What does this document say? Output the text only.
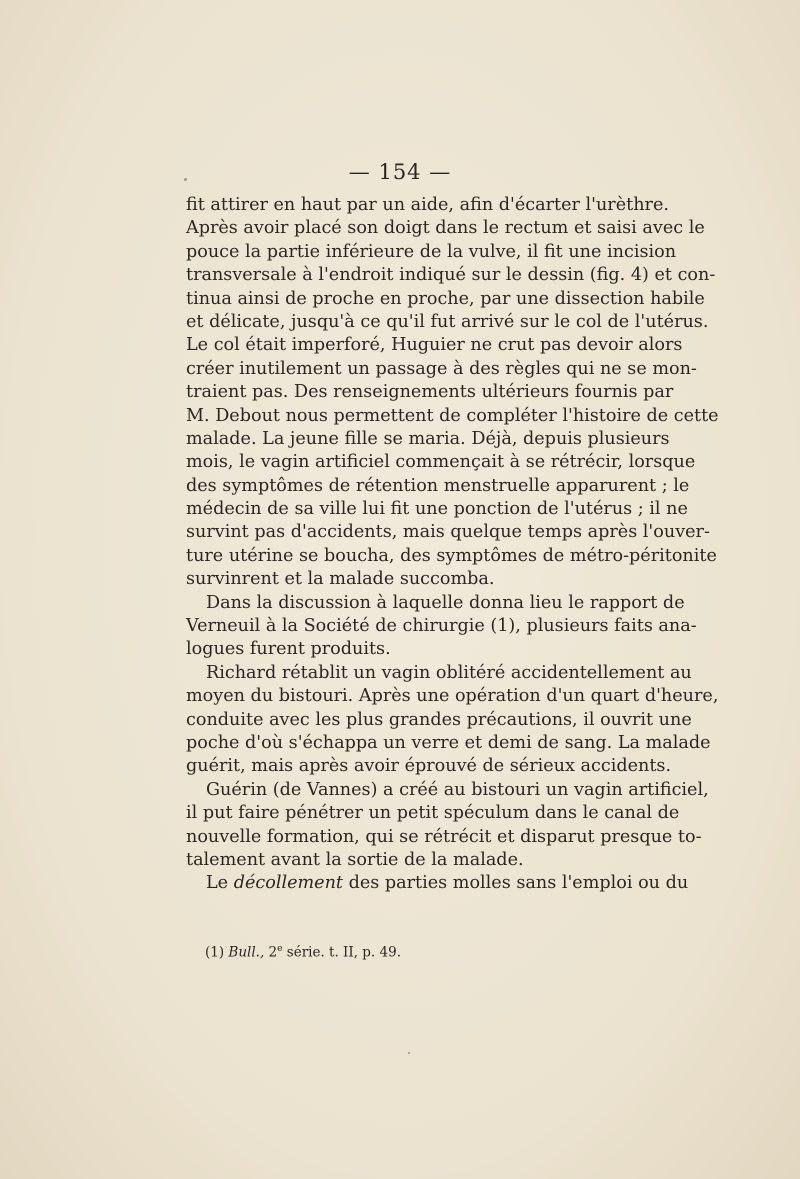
— 154 —
fit attirer en haut par un aide, afin d'écarter l'urèthre.
Après avoir placé son doigt dans le rectum et saisi avec le
pouce la partie inférieure de la vulve, il fit une incision
transversale à l'endroit indiqué sur le dessin (fig. 4) et con-
tinua ainsi de proche en proche, par une dissection habile
et délicate, jusqu'à ce qu'il fut arrivé sur le col de l'utérus.
Le col était imperforé, Huguier ne crut pas devoir alors
créer inutilement un passage à des règles qui ne se mon-
traient pas. Des renseignements ultérieurs fournis par
M. Debout nous permettent de compléter l'histoire de cette
malade. La jeune fille se maria. Déjà, depuis plusieurs
mois, le vagin artificiel commençait à se rétrécir, lorsque
des symptômes de rétention menstruelle apparurent ; le
médecin de sa ville lui fit une ponction de l'utérus ; il ne
survint pas d'accidents, mais quelque temps après l'ouver-
ture utérine se boucha, des symptômes de métro-péritonite
survinrent et la malade succomba.
Dans la discussion à laquelle donna lieu le rapport de
Verneuil à la Société de chirurgie (1), plusieurs faits ana-
logues furent produits.
Richard rétablit un vagin oblitéré accidentellement au
moyen du bistouri. Après une opération d'un quart d'heure,
conduite avec les plus grandes précautions, il ouvrit une
poche d'où s'échappa un verre et demi de sang. La malade
guérit, mais après avoir éprouvé de sérieux accidents.
Guérin (de Vannes) a créé au bistouri un vagin artificiel,
il put faire pénétrer un petit spéculum dans le canal de
nouvelle formation, qui se rétrécit et disparut presque to-
talement avant la sortie de la malade.
Le décollement des parties molles sans l'emploi ou du
(1) Bull., 2e série. t. II, p. 49.
